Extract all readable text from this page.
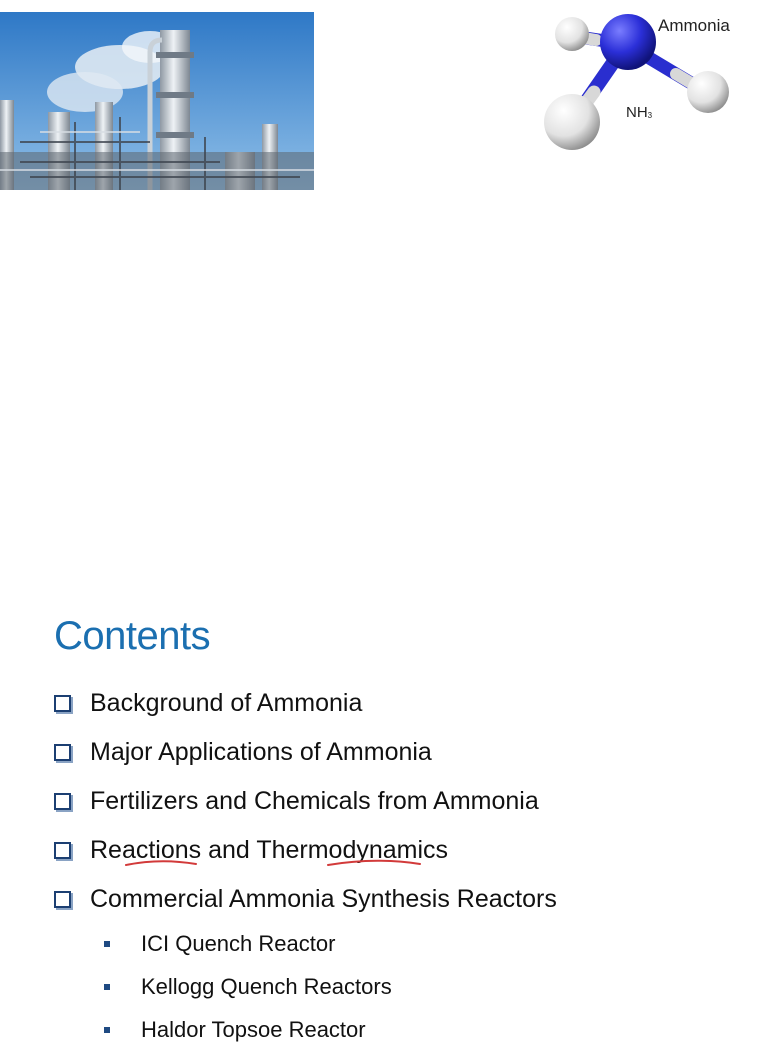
Ammonia
$NH_3$
Contents
Background of Ammonia
Major Applications of Ammonia
Fertilizers and Chemicals from Ammonia
Reactions and Thermodynamics
Commercial Ammonia Synthesis Reactors
ICI Quench Reactor
Kellogg Quench Reactors
Haldor Topsoe Reactor
